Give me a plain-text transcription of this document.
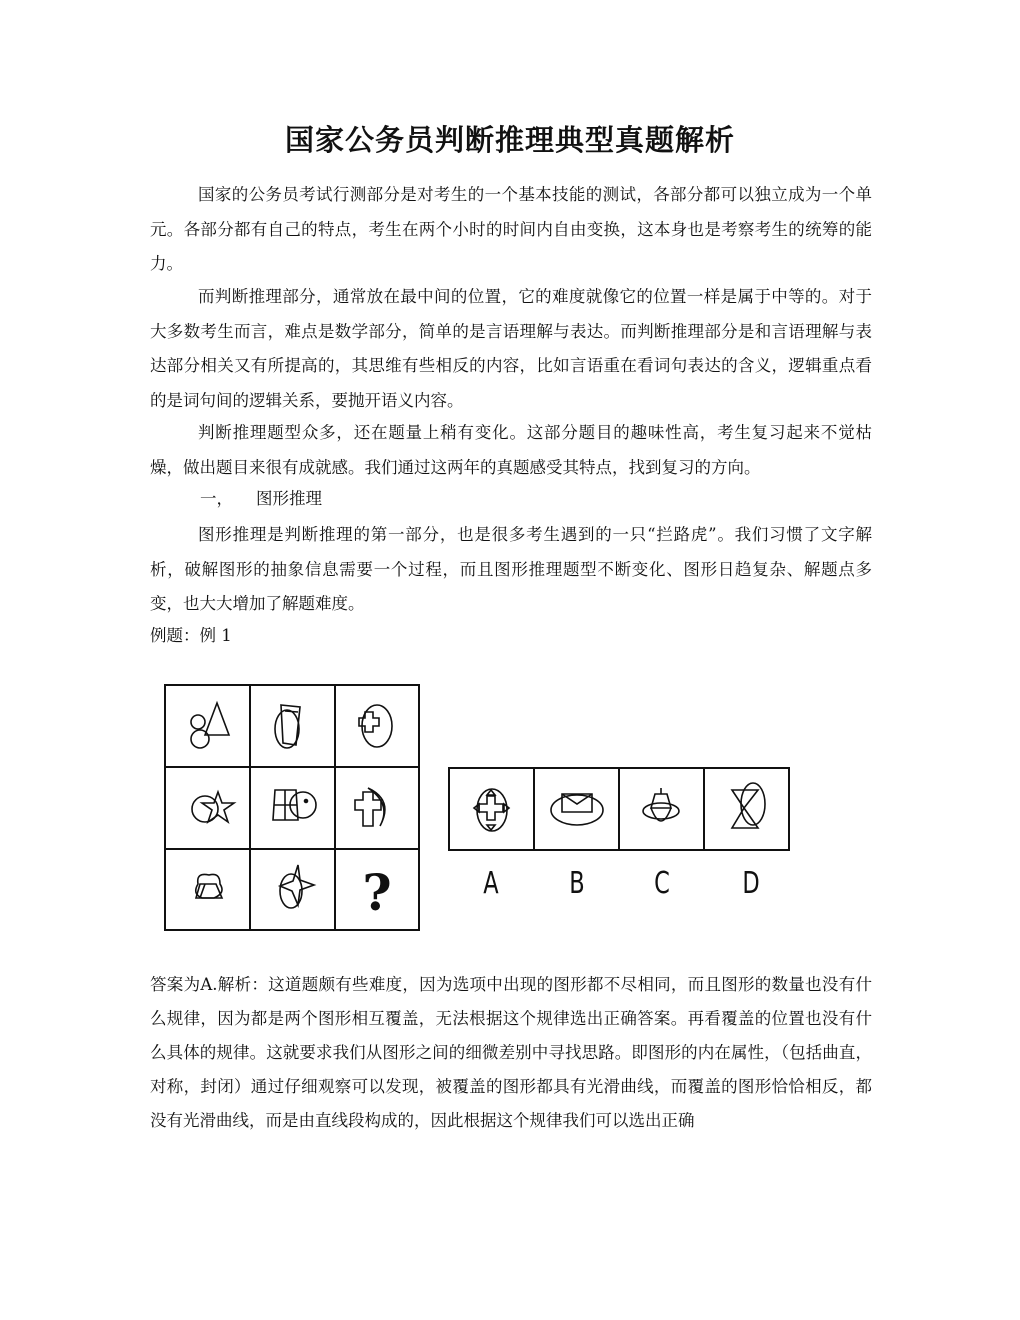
国家公务员判断推理典型真题解析

国家的公务员考试行测部分是对考生的一个基本技能的测试，各部分都可以独立成为一个单元。各部分都有自己的特点，考生在两个小时的时间内自由变换，这本身也是考察考生的统筹的能力。

而判断推理部分，通常放在最中间的位置，它的难度就像它的位置一样是属于中等的。对于大多数考生而言，难点是数学部分，简单的是言语理解与表达。而判断推理部分是和言语理解与表达部分相关又有所提高的，其思维有些相反的内容，比如言语重在看词句表达的含义，逻辑重点看的是词句间的逻辑关系，要抛开语义内容。

判断推理题型众多，还在题量上稍有变化。这部分题目的趣味性高，考生复习起来不觉枯燥，做出题目来很有成就感。我们通过这两年的真题感受其特点，找到复习的方向。

一， 图形推理

图形推理是判断推理的第一部分，也是很多考生遇到的一只“拦路虎”。我们习惯了文字解析，破解图形的抽象信息需要一个过程，而且图形推理题型不断变化、图形日趋复杂、解题点多变，也大大增加了解题难度。

例题：例 1
?	A B C D

答案为A.解析：这道题颇有些难度，因为选项中出现的图形都不尽相同，而且图形的数量也没有什么规律，因为都是两个图形相互覆盖，无法根据这个规律选出正确答案。再看覆盖的位置也没有什么具体的规律。这就要求我们从图形之间的细微差别中寻找思路。即图形的内在属性，（包括曲直，对称，封闭）通过仔细观察可以发现，被覆盖的图形都具有光滑曲线，而覆盖的图形恰恰相反，都没有光滑曲线，而是由直线段构成的，因此根据这个规律我们可以选出正确
